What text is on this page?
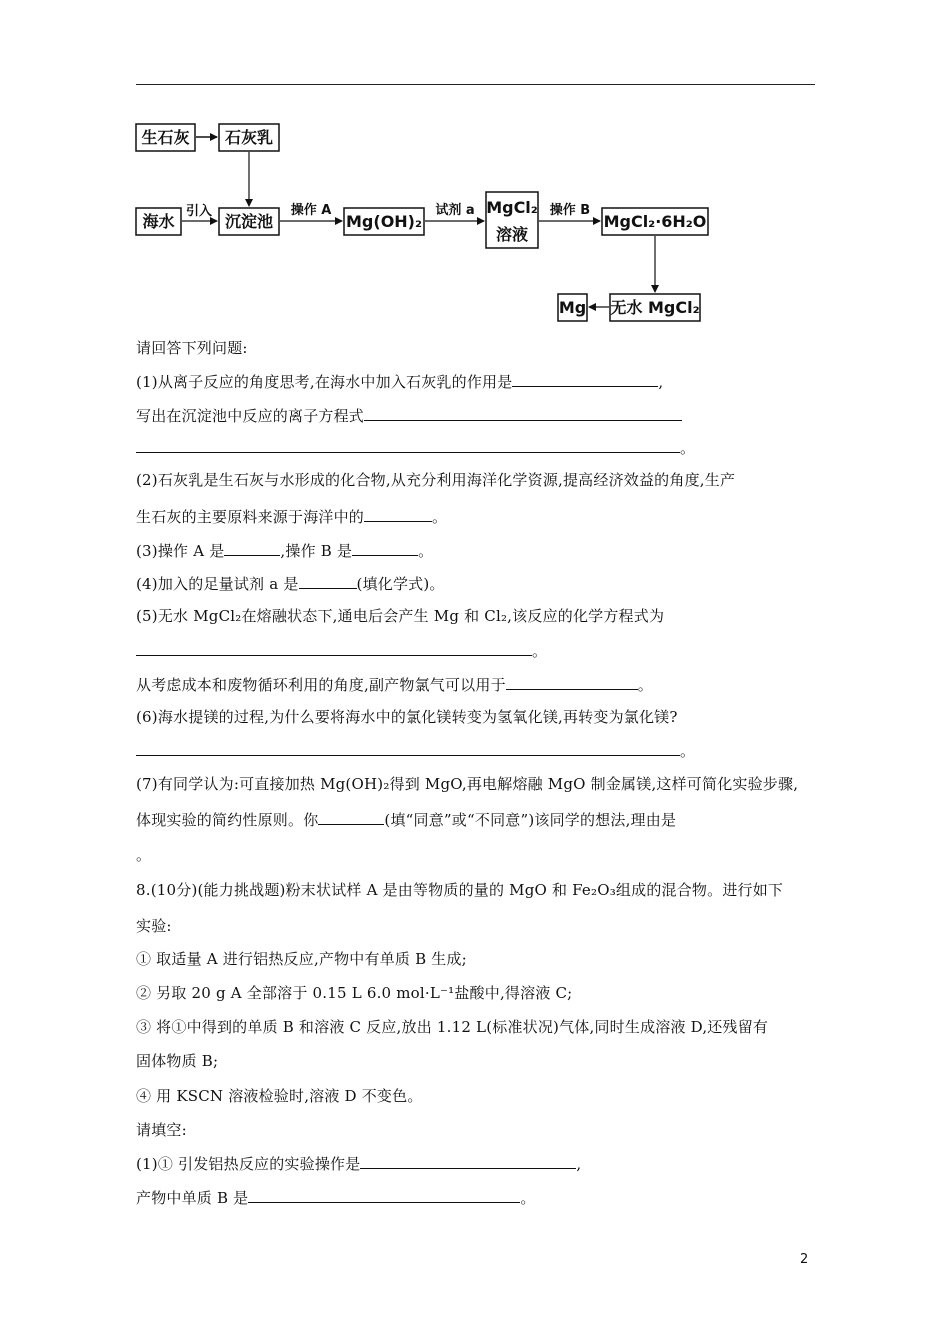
生石灰 石灰乳
海水	沉淀池	Mg(OH)₂
MgCl₂
溶液
MgCl₂·6H₂O
无水 MgCl₂
Mg
引入	操作 A	试剂 a	操作 B
请回答下列问题:
(1)从离子反应的角度思考,在海水中加入石灰乳的作用是	,
写出在沉淀池中反应的离子方程式
。
(2)石灰乳是生石灰与水形成的化合物,从充分利用海洋化学资源,提高经济效益的角度,生产
生石灰的主要原料来源于海洋中的	。
(3)操作 A 是	,操作 B 是	。
(4)加入的足量试剂 a 是	(填化学式)。
(5)无水 MgCl₂在熔融状态下,通电后会产生 Mg 和 Cl₂,该反应的化学方程式为
。
从考虑成本和废物循环利用的角度,副产物氯气可以用于	。
(6)海水提镁的过程,为什么要将海水中的氯化镁转变为氢氧化镁,再转变为氯化镁?
。
(7)有同学认为:可直接加热 Mg(OH)₂得到 MgO,再电解熔融 MgO 制金属镁,这样可简化实验步骤,
体现实验的简约性原则。你	(填“同意”或“不同意”)该同学的想法,理由是
。
8.(10分)(能力挑战题)粉末状试样 A 是由等物质的量的 MgO 和 Fe₂O₃组成的混合物。进行如下
实验:
① 取适量 A 进行铝热反应,产物中有单质 B 生成;
② 另取 20 g A 全部溶于 0.15 L 6.0 mol·L⁻¹盐酸中,得溶液 C;
③ 将①中得到的单质 B 和溶液 C 反应,放出 1.12 L(标准状况)气体,同时生成溶液 D,还残留有
固体物质 B;
④ 用 KSCN 溶液检验时,溶液 D 不变色。
请填空:
(1)① 引发铝热反应的实验操作是	,
产物中单质 B 是	。
2
